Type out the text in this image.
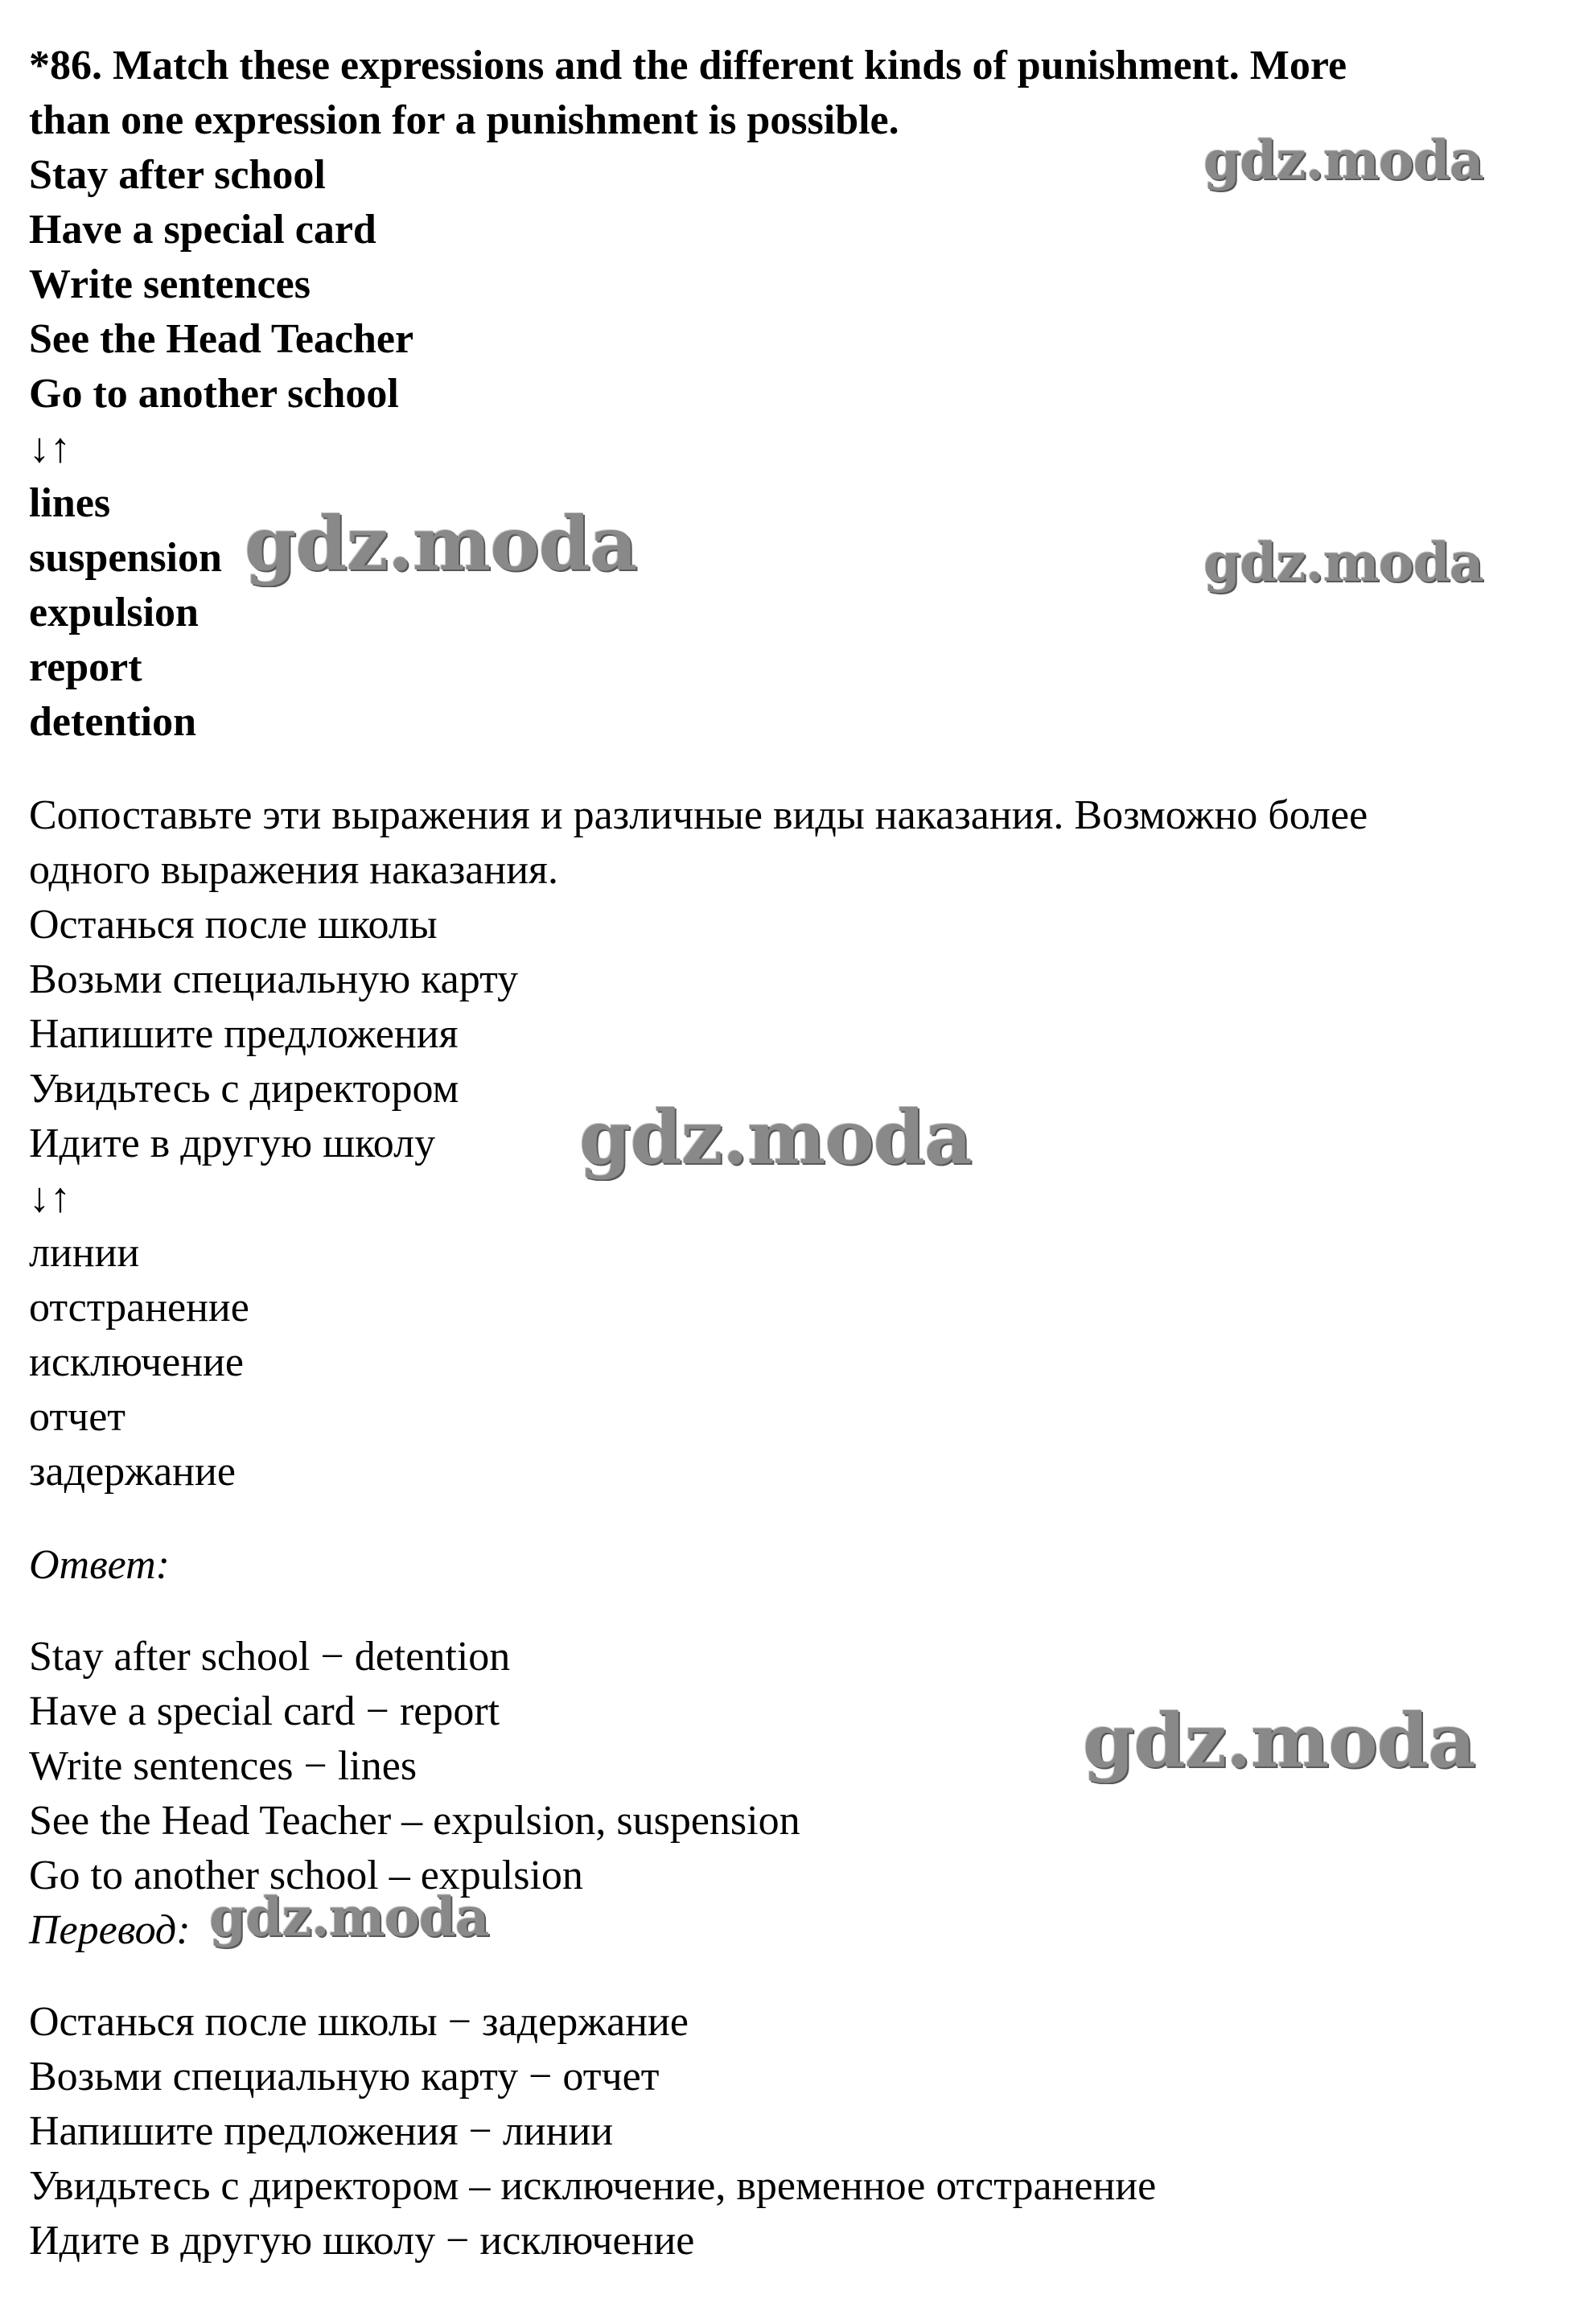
*86. Match these expressions and the different kinds of punishment. More
than one expression for a punishment is possible.
Stay after school
Have a special card
Write sentences
See the Head Teacher
Go to another school
↓↑
lines
suspension
expulsion
report
detention
Сопоставьте эти выражения и различные виды наказания. Возможно более
одного выражения наказания.
Останься после школы
Возьми специальную карту
Напишите предложения
Увидьтесь с директором
Идите в другую школу
↓↑
линии
отстранение
исключение
отчет
задержание
Ответ:
Stay after school − detention
Have a special card − report
Write sentences − lines
See the Head Teacher – expulsion, suspension
Go to another school – expulsion
Перевод:
Останься после школы − задержание
Возьми специальную карту − отчет
Напишите предложения − линии
Увидьтесь с директором – исключение, временное отстранение
Идите в другую школу − исключение
gdz.moda
gdz.moda	gdz.moda
gdz.moda
gdz.moda
gdz.moda
